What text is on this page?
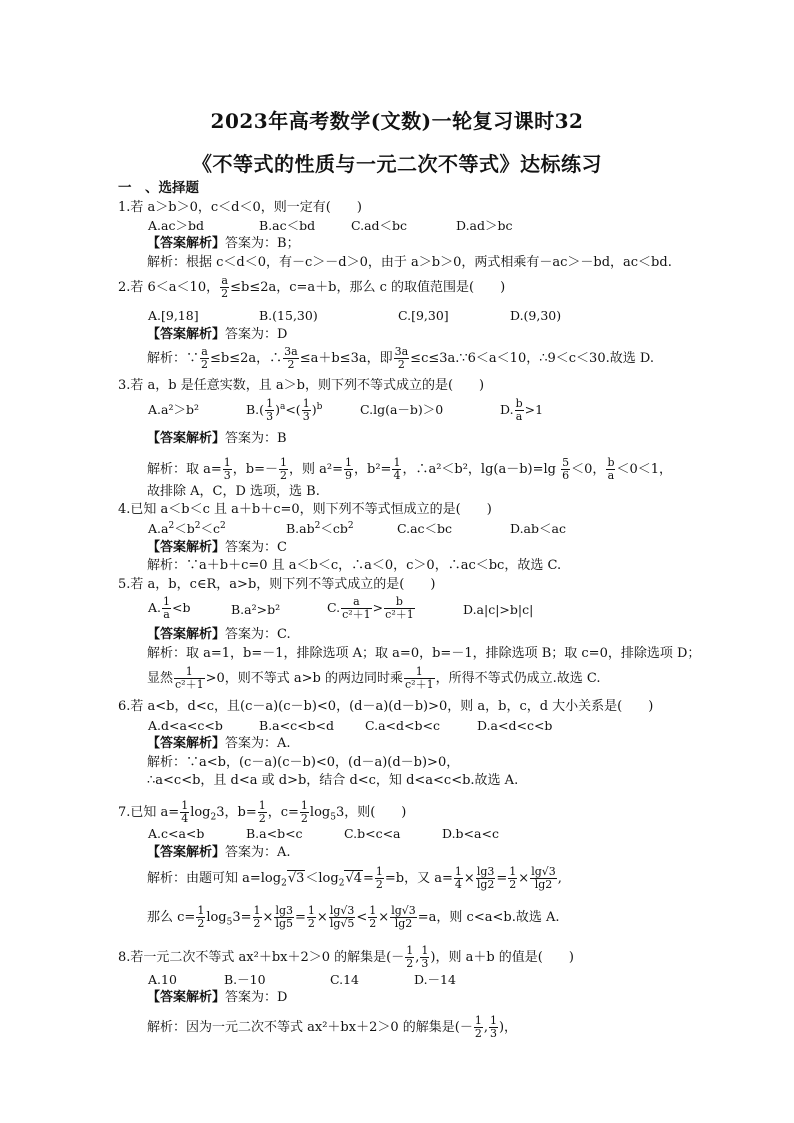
2023年高考数学(文数)一轮复习课时32
《不等式的性质与一元二次不等式》达标练习
一　、选择题
1.若 a＞b＞0，c＜d＜0，则一定有(　　)
A.ac＞bd	B.ac＜bd	C.ad＜bc	D.ad＞bc
【答案解析】答案为：B；
解析：根据 c＜d＜0，有－c＞－d＞0，由于 a＞b＞0，两式相乘有－ac＞－bd，ac＜bd.
2.若 6＜a＜10， $\frac{a}{2} \le b\le 2a$，c=a＋b，那么 c 的取值范围是(　　)
A.[9,18]	B.(15,30)	C.[9,30]	D.(9,30)
【答案解析】答案为：D
解析：∵ $\frac{a}{2} \le b\le 2a$，∴ $\frac{3a}{2} \le a+b\le 3a$，即 $\frac{3a}{2}$ ≤c≤3a.∵6＜a＜10，∴9＜c＜30.故选 D.
3.若 a，b 是任意实数，且 a＞b，则下列不等式成立的是(　　)
A.a²＞b²	$B.( \frac{1}{3} )^a<( \frac{1}{3} )^b$	C.lg(a－b)＞0	D. $\frac{b}{a} >1$
【答案解析】答案为：B
解析：取 $a= \frac{1}{3}$ ，$b=- \frac{1}{2}$ ，则 $a^2= \frac{1}{9}$ ，$b^2= \frac{1}{4}$ ，∴a²＜b²，$\lg(a-b)=\lg \frac{5}{6} <0$， $\frac{b}{a} <0<1$，
故排除 A，C，D 选项，选 B.
4.已知 a＜b＜c 且 a＋b＋c=0，则下列不等式恒成立的是(　　)
$A.a^2<b^2<c^2$	$B.ab^2<cb^2$	C.ac＜bc	D.ab＜ac
【答案解析】答案为：C
解析：∵a＋b＋c=0 且 a＜b＜c，∴a＜0，c＞0，∴ac＜bc，故选 C.
5.若 a，b，c∈R，a>b，则下列不等式成立的是(　　)
A. $\frac{1}{a} <b$	B.a²>b²	C. $\frac{a}{\text{c²＋1}} > \frac{b}{\text{c²＋1}}$	D.a|c|>b|c|
【答案解析】答案为：C.
解析：取 a=1，b=－1，排除选项 A；取 a=0，b=－1，排除选项 B；取 c=0，排除选项 D；
显然 $\frac{1}{\text{c²＋1}} >0$，则不等式 a>b 的两边同时乘 $\frac{1}{\text{c²＋1}}$ ，所得不等式仍成立.故选 C.
6.若 a<b，d<c，且(c－a)(c－b)<0，(d－a)(d－b)>0，则 a，b，c，d 大小关系是(　　)
A.d<a<c<b	B.a<c<b<d C.a<d<b<c	D.a<d<c<b
【答案解析】答案为：A.
解析：∵a<b，(c－a)(c－b)<0，(d－a)(d－b)>0，
∴a<c<b，且 d<a 或 d>b，结合 d<c，知 d<a<c<b.故选 A.
7.已知 $a= \frac{1}{4} \log_23$，$b= \frac{1}{2}$ ，$c= \frac{1}{2} \log_53$，则(　　)
A.c<a<b	B.a<b<c	C.b<c<a	D.b<a<c
【答案解析】答案为：A.
解析：由题可知 $a=\log_2√3<\log_2√4= \frac{1}{2} =b$，又 $a= \frac{1}{4} \times \frac{\lg 3}{\lg 2} = \frac{1}{2} \times \frac{\lg√3}{\lg 2}$ ,
那么 $c= \frac{1}{2} \log_53= \frac{1}{2} \times \frac{\lg 3}{\lg 5} = \frac{1}{2} \times \frac{\lg√3}{\lg√5} < \frac{1}{2} \times \frac{\lg√3}{\lg 2} =a$，则 c<a<b.故选 A.
8.若一元二次不等式 ax²＋bx＋2＞0 的解集是(－ $\frac{1}{2}$ , $\frac{1}{3}$ )，则 a＋b 的值是(　　)
A.10	B.－10	C.14	D.－14
【答案解析】答案为：D
解析：因为一元二次不等式 ax²＋bx＋2＞0 的解集是(－ $\frac{1}{2}$ , $\frac{1}{3}$ )，
